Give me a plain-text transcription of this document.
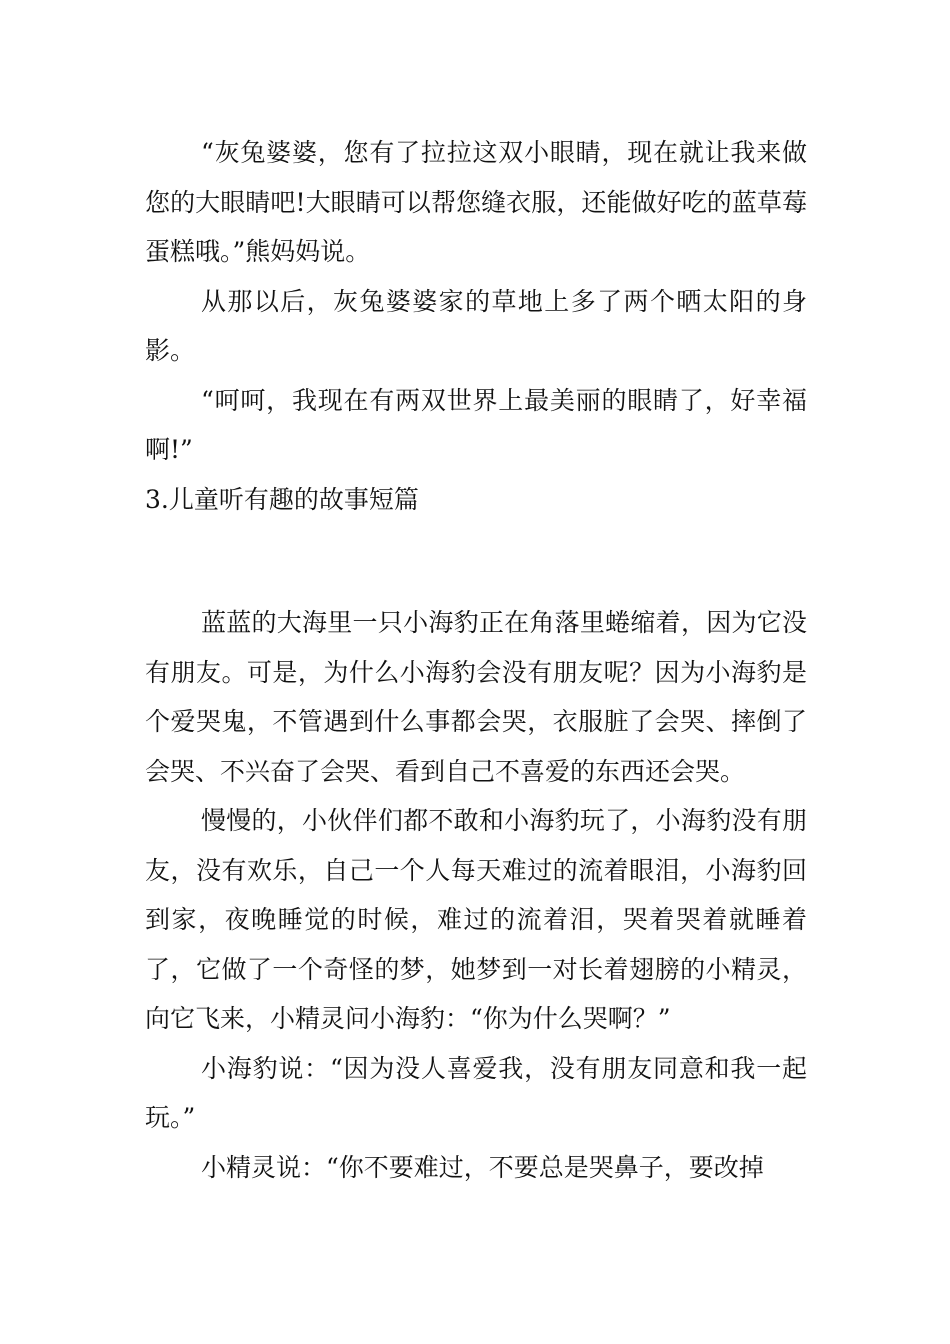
“灰兔婆婆，您有了拉拉这双小眼睛，现在就让我来做您的大眼睛吧!大眼睛可以帮您缝衣服，还能做好吃的蓝草莓蛋糕哦。”熊妈妈说。

从那以后，灰兔婆婆家的草地上多了两个晒太阳的身影。

“呵呵，我现在有两双世界上最美丽的眼睛了，好幸福啊!”

3.儿童听有趣的故事短篇

蓝蓝的大海里一只小海豹正在角落里蜷缩着，因为它没有朋友。可是，为什么小海豹会没有朋友呢？因为小海豹是个爱哭鬼，不管遇到什么事都会哭，衣服脏了会哭、摔倒了会哭、不兴奋了会哭、看到自己不喜爱的东西还会哭。

慢慢的，小伙伴们都不敢和小海豹玩了，小海豹没有朋友，没有欢乐，自己一个人每天难过的流着眼泪，小海豹回到家，夜晚睡觉的时候，难过的流着泪，哭着哭着就睡着了，它做了一个奇怪的梦，她梦到一对长着翅膀的小精灵，向它飞来，小精灵问小海豹：“你为什么哭啊？”

小海豹说：“因为没人喜爱我，没有朋友同意和我一起玩。”

小精灵说：“你不要难过，不要总是哭鼻子，要改掉
